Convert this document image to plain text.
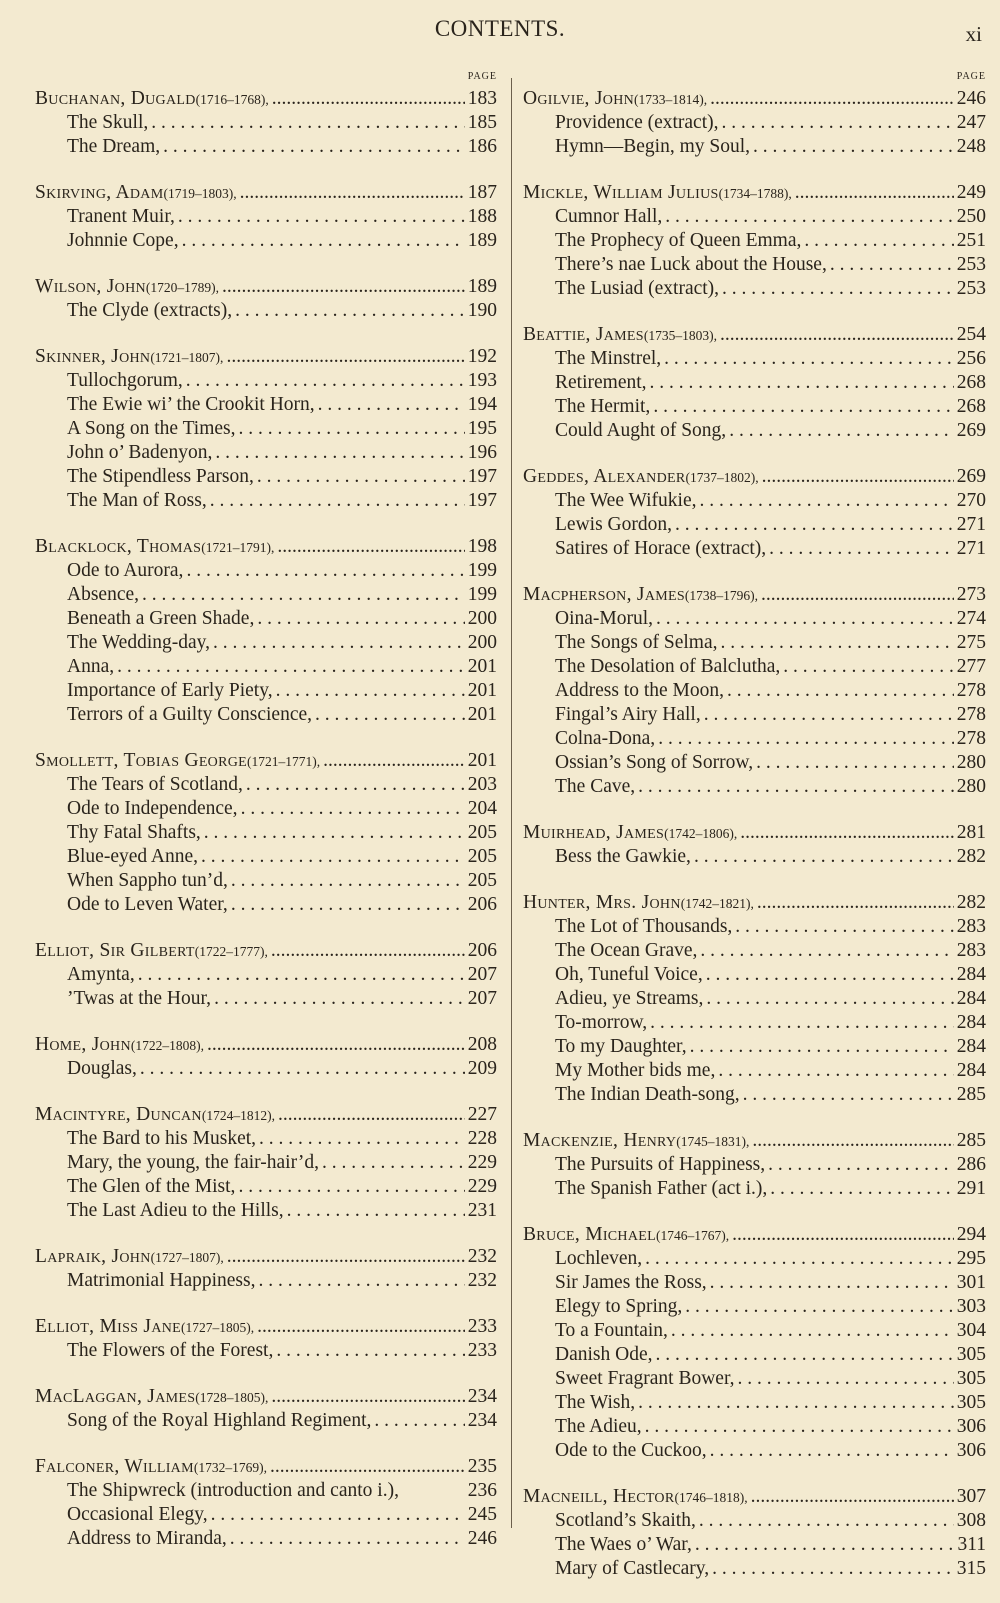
CONTENTS.	xi
PAGE
Buchanan, Dugald (1716–1768), .....	183
The Skull, . . .	185
The Dream, . . .	186
Skirving, Adam (1719–1803), .....	187
Tranent Muir, . . .	188
Johnnie Cope, . . .	189
Wilson, John (1720–1789), .....	189
The Clyde (extracts), . . .	190
Skinner, John (1721–1807), .....	192
Tullochgorum, . . .	193
The Ewie wi’ the Crookit Horn, . . .	194
A Song on the Times, . . .	195
John o’ Badenyon, . . .	196
The Stipendless Parson, . . .	197
The Man of Ross, . . .	197
Blacklock, Thomas (1721–1791), .....	198
Ode to Aurora, . . .	199
Absence, . . .	199
Beneath a Green Shade, . . .	200
The Wedding-day, . . .	200
Anna, . . .	201
Importance of Early Piety, . . .	201
Terrors of a Guilty Conscience, . . .	201
Smollett, Tobias George (1721–1771), .....	201
The Tears of Scotland, . . .	203
Ode to Independence, . . .	204
Thy Fatal Shafts, . . .	205
Blue-eyed Anne, . . .	205
When Sappho tun’d, . . .	205
Ode to Leven Water, . . .	206
Elliot, Sir Gilbert (1722–1777), .....	206
Amynta, . . .	207
’Twas at the Hour, . . .	207
Home, John (1722–1808), .....	208
Douglas, . . .	209
Macintyre, Duncan (1724–1812), .....	227
The Bard to his Musket, . . .	228
Mary, the young, the fair-hair’d, . . .	229
The Glen of the Mist, . . .	229
The Last Adieu to the Hills, . . .	231
Lapraik, John (1727–1807), .....	232
Matrimonial Happiness, . . .	232
Elliot, Miss Jane (1727–1805), .....	233
The Flowers of the Forest, . . .	233
MacLaggan, James (1728–1805), .....	234
Song of the Royal Highland Regiment, . . .	234
Falconer, William (1732–1769), .....	235
The Shipwreck (introduction and canto i.),	236
Occasional Elegy, . . .	245
Address to Miranda, . . .	246
PAGE
Ogilvie, John (1733–1814), .....	246
Providence (extract), . . .	247
Hymn—Begin, my Soul, . . .	248
Mickle, William Julius (1734–1788), .....	249
Cumnor Hall, . . .	250
The Prophecy of Queen Emma, . . .	251
There’s nae Luck about the House, . . .	253
The Lusiad (extract), . . .	253
Beattie, James (1735–1803), .....	254
The Minstrel, . . .	256
Retirement, . . .	268
The Hermit, . . .	268
Could Aught of Song, . . .	269
Geddes, Alexander (1737–1802), .....	269
The Wee Wifukie, . . .	270
Lewis Gordon, . . .	271
Satires of Horace (extract), . . .	271
Macpherson, James (1738–1796), .....	273
Oina-Morul, . . .	274
The Songs of Selma, . . .	275
The Desolation of Balclutha, . . .	277
Address to the Moon, . . .	278
Fingal’s Airy Hall, . . .	278
Colna-Dona, . . .	278
Ossian’s Song of Sorrow, . . .	280
The Cave, . . .	280
Muirhead, James (1742–1806), .....	281
Bess the Gawkie, . . .	282
Hunter, Mrs. John (1742–1821), .....	282
The Lot of Thousands, . . .	283
The Ocean Grave, . . .	283
Oh, Tuneful Voice, . . .	284
Adieu, ye Streams, . . .	284
To-morrow, . . .	284
To my Daughter, . . .	284
My Mother bids me, . . .	284
The Indian Death-song, . . .	285
Mackenzie, Henry (1745–1831), .....	285
The Pursuits of Happiness, . . .	286
The Spanish Father (act i.), . . .	291
Bruce, Michael (1746–1767), .....	294
Lochleven, . . .	295
Sir James the Ross, . . .	301
Elegy to Spring, . . .	303
To a Fountain, . . .	304
Danish Ode, . . .	305
Sweet Fragrant Bower, . . .	305
The Wish, . . .	305
The Adieu, . . .	306
Ode to the Cuckoo, . . .	306
Macneill, Hector (1746–1818), .....	307
Scotland’s Skaith, . . .	308
The Waes o’ War, . . .	311
Mary of Castlecary, . . .	315
